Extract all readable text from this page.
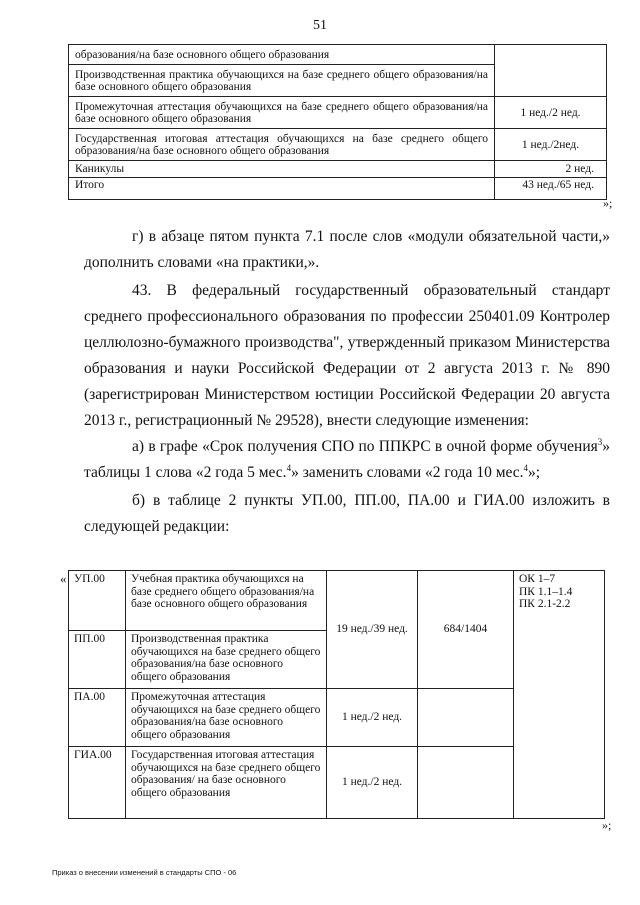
51
образования/на базе основного общего образования	
Производственная практика обучающихся на базе среднего общего образования/на базе основного общего образования	
Промежуточная аттестация обучающихся на базе среднего общего образования/на базе основного общего образования	1 нед./2 нед.
Государственная итоговая аттестация обучающихся на базе среднего общего образования/на базе основного общего образования	1 нед./2нед.
Каникулы	2 нед.
Итого	43 нед./65 нед.
»;
г) в абзаце пятом пункта 7.1 после слов «модули обязательной части,» дополнить словами «на практики,».
43. В федеральный государственный образовательный стандарт среднего профессионального образования по профессии 250401.09 Контролер целлюлозно-бумажного производства", утвержденный приказом Министерства образования и науки Российской Федерации от 2 августа 2013 г. № 890 (зарегистрирован Министерством юстиции Российской Федерации 20 августа 2013 г., регистрационный № 29528), внести следующие изменения:
а) в графе «Срок получения СПО по ППКРС в очной форме обучения$^3$» таблицы 1 слова «2 года 5 мес.$^4$» заменить словами «2 года 10 мес.$^4$»;
б) в таблице 2 пункты УП.00, ПП.00, ПА.00 и ГИА.00 изложить в следующей редакции:
« УП.00	Учебная практика обучающихся на базе среднего общего образования/на базе основного общего образования	19 нед./39 нед.	684/1404	ОК 1–7
ПК 1.1–1.4
ПК 2.1-2.2

ПП.00	Производственная практика обучающихся на базе среднего общего образования/на базе основного общего образования			
ПА.00	Промежуточная аттестация обучающихся на базе среднего общего образования/на базе основного общего образования	1 нед./2 нед.		
ГИА.00	Государственная итоговая аттестация обучающихся на базе среднего общего образования/ на базе основного общего образования	1 нед./2 нед.		
»;
Приказ о внесении изменений в стандарты СПО - 06
